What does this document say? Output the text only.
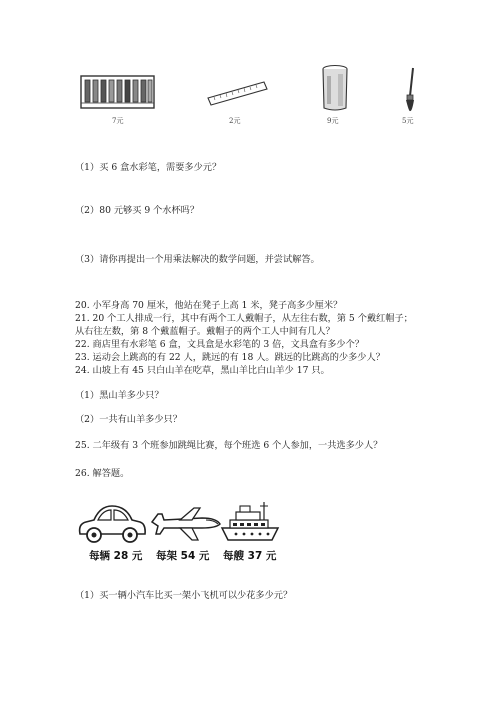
7元	2元	9元	5元
（1）买 6 盒水彩笔，需要多少元？
（2）80 元够买 9 个水杯吗？
（3）请你再提出一个用乘法解决的数学问题，并尝试解答。
20. 小军身高 70 厘米，他站在凳子上高 1 米，凳子高多少厘米？
21. 20 个工人排成一行，其中有两个工人戴帽子，从左往右数，第 5 个戴红帽子；
从右往左数，第 8 个戴蓝帽子。戴帽子的两个工人中间有几人？
22. 商店里有水彩笔 6 盒，文具盒是水彩笔的 3 倍，文具盒有多少个？
23. 运动会上跳高的有 22 人，跳远的有 18 人。跳远的比跳高的少多少人？
24. 山坡上有 45 只白山羊在吃草，黑山羊比白山羊少 17 只。
（1）黑山羊多少只？
（2）一共有山羊多少只？
25. 二年级有 3 个班参加跳绳比赛，每个班选 6 个人参加，一共选多少人？
26. 解答题。
每辆 28 元 每架 54 元 每艘 37 元
（1）买一辆小汽车比买一架小飞机可以少花多少元？
